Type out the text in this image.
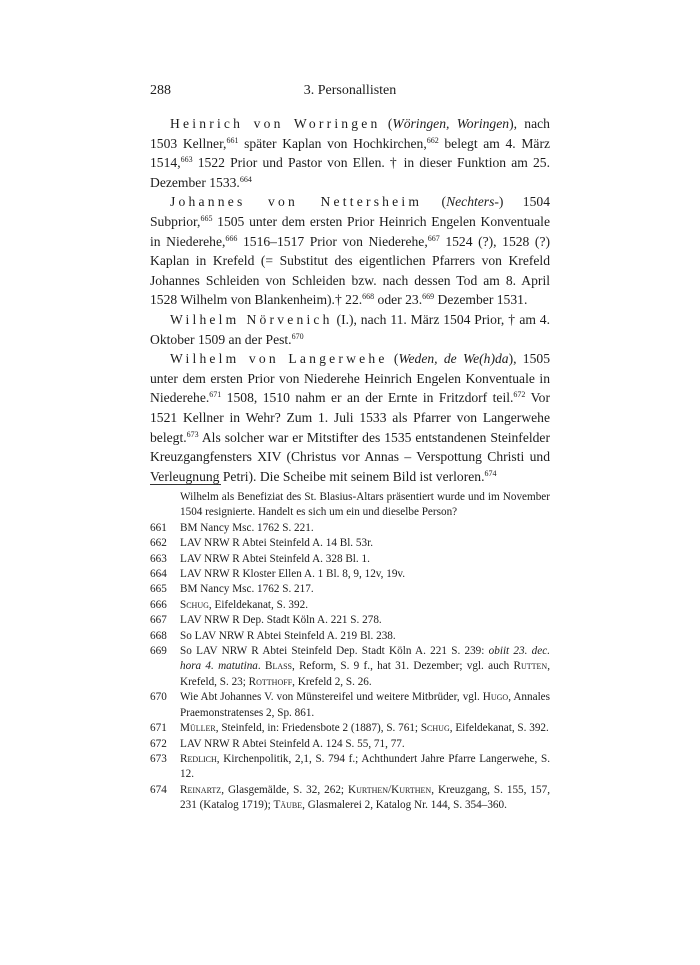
288	3. Personallisten

Heinrich von Worringen (Wöringen, Woringen), nach 1503 Kellner,$^{661}$ später Kaplan von Hochkirchen,$^{662}$ belegt am 4. März 1514,$^{663}$ 1522 Prior und Pastor von Ellen. † in dieser Funktion am 25. Dezember 1533.$^{664}$

Johannes von Nettersheim (Nechters-) 1504 Subprior,$^{665}$ 1505 unter dem ersten Prior Heinrich Engelen Konventuale in Niederehe,$^{666}$ 1516–1517 Prior von Niederehe,$^{667}$ 1524 (?), 1528 (?) Kaplan in Krefeld (= Substitut des eigentlichen Pfarrers von Krefeld Johannes Schleiden von Schleiden bzw. nach dessen Tod am 8. April 1528 Wilhelm von Blankenheim).† 22.$^{668}$ oder 23.$^{669}$ Dezember 1531.

Wilhelm Nörvenich (I.), nach 11. März 1504 Prior, † am 4. Oktober 1509 an der Pest.$^{670}$

Wilhelm von Langerwehe (Weden, de We(h)da), 1505 unter dem ersten Prior von Niederehe Heinrich Engelen Konventuale in Niederehe.$^{671}$ 1508, 1510 nahm er an der Ernte in Fritzdorf teil.$^{672}$ Vor 1521 Kellner in Wehr? Zum 1. Juli 1533 als Pfarrer von Langerwehe belegt.$^{673}$ Als solcher war er Mitstifter des 1535 entstandenen Steinfelder Kreuzgangfensters XIV (Christus vor Annas – Verspottung Christi und Verleugnung Petri). Die Scheibe mit seinem Bild ist verloren.$^{674}$

Wilhelm als Benefiziat des St. Blasius-Altars präsentiert wurde und im November 1504 resignierte. Handelt es sich um ein und dieselbe Person?
661	BM Nancy Msc. 1762 S. 221.
662	LAV NRW R Abtei Steinfeld A. 14 Bl. 53r.
663	LAV NRW R Abtei Steinfeld A. 328 Bl. 1.
664	LAV NRW R Kloster Ellen A. 1 Bl. 8, 9, 12v, 19v.
665	BM Nancy Msc. 1762 S. 217.
666	Schug, Eifeldekanat, S. 392.
667	LAV NRW R Dep. Stadt Köln A. 221 S. 278.
668	So LAV NRW R Abtei Steinfeld A. 219 Bl. 238.
669	So LAV NRW R Abtei Steinfeld Dep. Stadt Köln A. 221 S. 239: obiit 23. dec. hora 4. matutina. Blass, Reform, S. 9 f., hat 31. Dezember; vgl. auch Rutten, Krefeld, S. 23; Rotthoff, Krefeld 2, S. 26.
670	Wie Abt Johannes V. von Münstereifel und weitere Mitbrüder, vgl. Hugo, Annales Praemonstratenses 2, Sp. 861.
671	Müller, Steinfeld, in: Friedensbote 2 (1887), S. 761; Schug, Eifeldekanat, S. 392.
672	LAV NRW R Abtei Steinfeld A. 124 S. 55, 71, 77.
673	Redlich, Kirchenpolitik, 2,1, S. 794 f.; Achthundert Jahre Pfarre Langerwehe, S. 12.
674	Reinartz, Glasgemälde, S. 32, 262; Kurthen/Kurthen, Kreuzgang, S. 155, 157, 231 (Katalog 1719); Täube, Glasmalerei 2, Katalog Nr. 144, S. 354–360.
